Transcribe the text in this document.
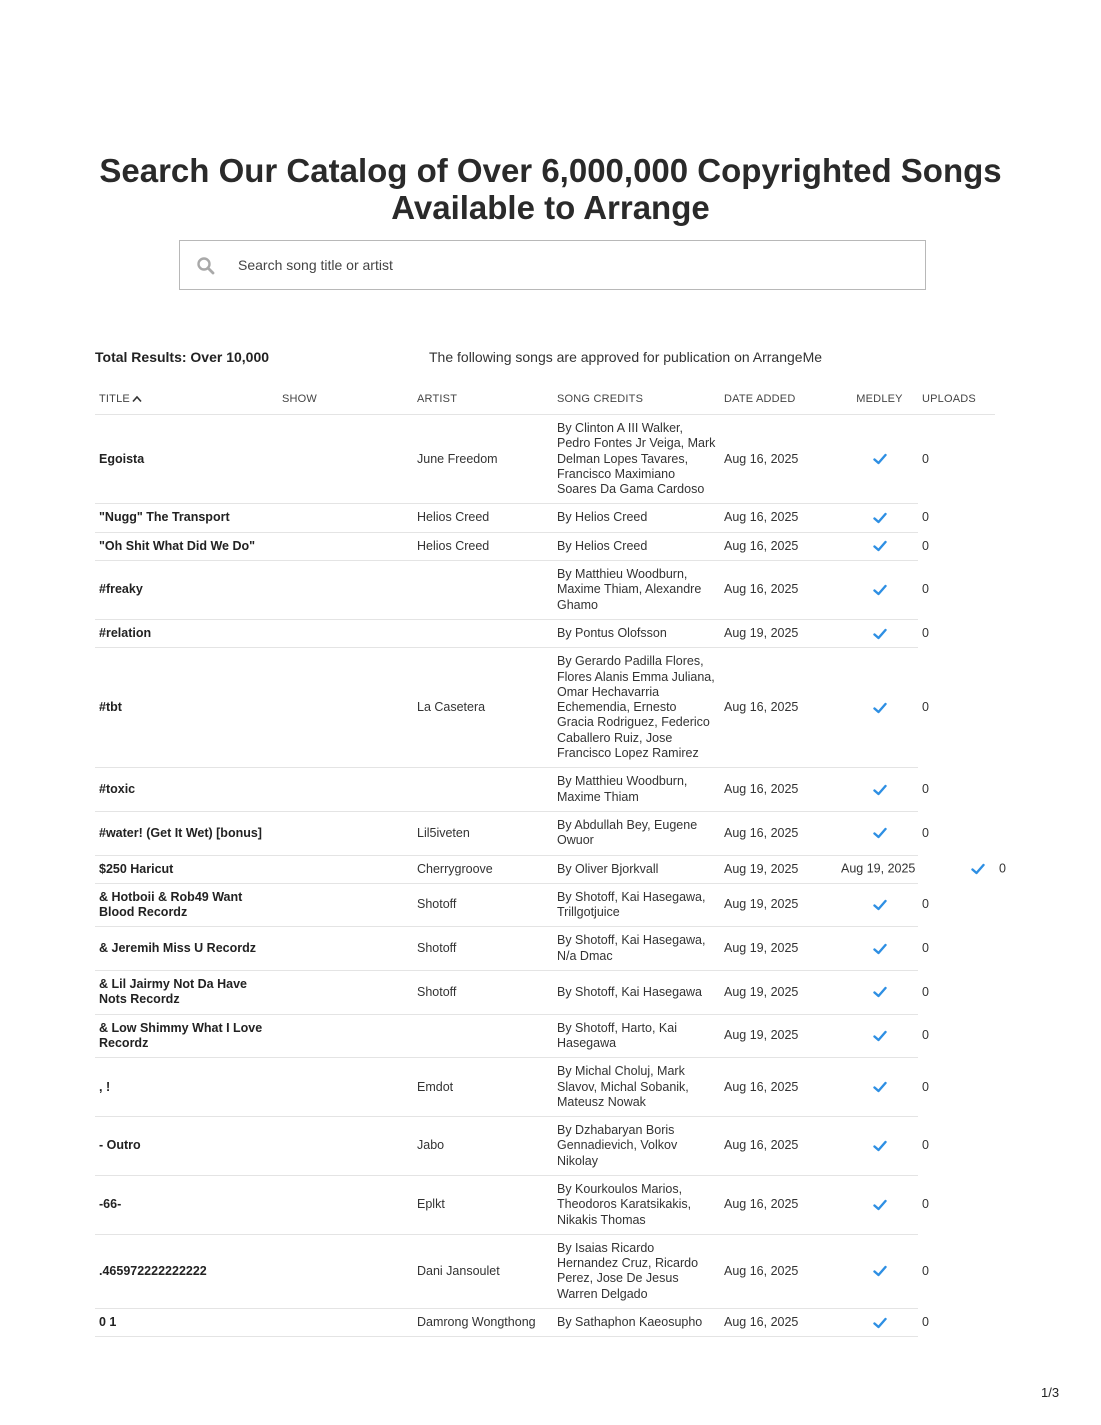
Search Our Catalog of Over 6,000,000 Copyrighted Songs
Available to Arrange
Search song title or artist
Total Results: Over 10,000	The following songs are approved for publication on ArrangeMe
TITLE	SHOW	ARTIST	SONG CREDITS	DATE ADDED	MEDLEY	UPLOADS
Egoista		June Freedom	By Clinton A III Walker, Pedro Fontes Jr Veiga, Mark Delman Lopes Tavares, Francisco Maximiano Soares Da Gama Cardoso	Aug 16, 2025		0
"Nugg" The Transport		Helios Creed	By Helios Creed	Aug 16, 2025		0
"Oh Shit What Did We Do"		Helios Creed	By Helios Creed	Aug 16, 2025		0
#freaky			By Matthieu Woodburn, Maxime Thiam, Alexandre Ghamo	Aug 16, 2025		0
#relation			By Pontus Olofsson	Aug 19, 2025		0
#tbt		La Casetera	By Gerardo Padilla Flores, Flores Alanis Emma Juliana, Omar Hechavarria Echemendia, Ernesto Gracia Rodriguez, Federico Caballero Ruiz, Jose Francisco Lopez Ramirez	Aug 16, 2025		0
#toxic			By Matthieu Woodburn, Maxime Thiam	Aug 16, 2025		0
#water! (Get It Wet) [bonus]		Lil5iveten	By Abdullah Bey, Eugene Owuor	Aug 16, 2025		0
$250 Haricut		Cherrygroove	By Oliver Bjorkvall	Aug 19, 2025	Aug 19, 2025	0

& Hotboii & Rob49 Want Blood Recordz		Shotoff	By Shotoff, Kai Hasegawa, Trillgotjuice	Aug 19, 2025		0
& Jeremih Miss U Recordz		Shotoff	By Shotoff, Kai Hasegawa, N/a Dmac	Aug 19, 2025		0
& Lil Jairmy Not Da Have Nots Recordz		Shotoff	By Shotoff, Kai Hasegawa	Aug 19, 2025		0
& Low Shimmy What I Love Recordz			By Shotoff, Harto, Kai Hasegawa	Aug 19, 2025		0
, !		Emdot	By Michal Choluj, Mark Slavov, Michal Sobanik, Mateusz Nowak	Aug 16, 2025		0
- Outro		Jabo	By Dzhabaryan Boris Gennadievich, Volkov Nikolay	Aug 16, 2025		0
-66-		Eplkt	By Kourkoulos Marios, Theodoros Karatsikakis, Nikakis Thomas	Aug 16, 2025		0
.465972222222222		Dani Jansoulet	By Isaias Ricardo Hernandez Cruz, Ricardo Perez, Jose De Jesus Warren Delgado	Aug 16, 2025		0
0 1		Damrong Wongthong	By Sathaphon Kaeosupho	Aug 16, 2025		0
1/3
